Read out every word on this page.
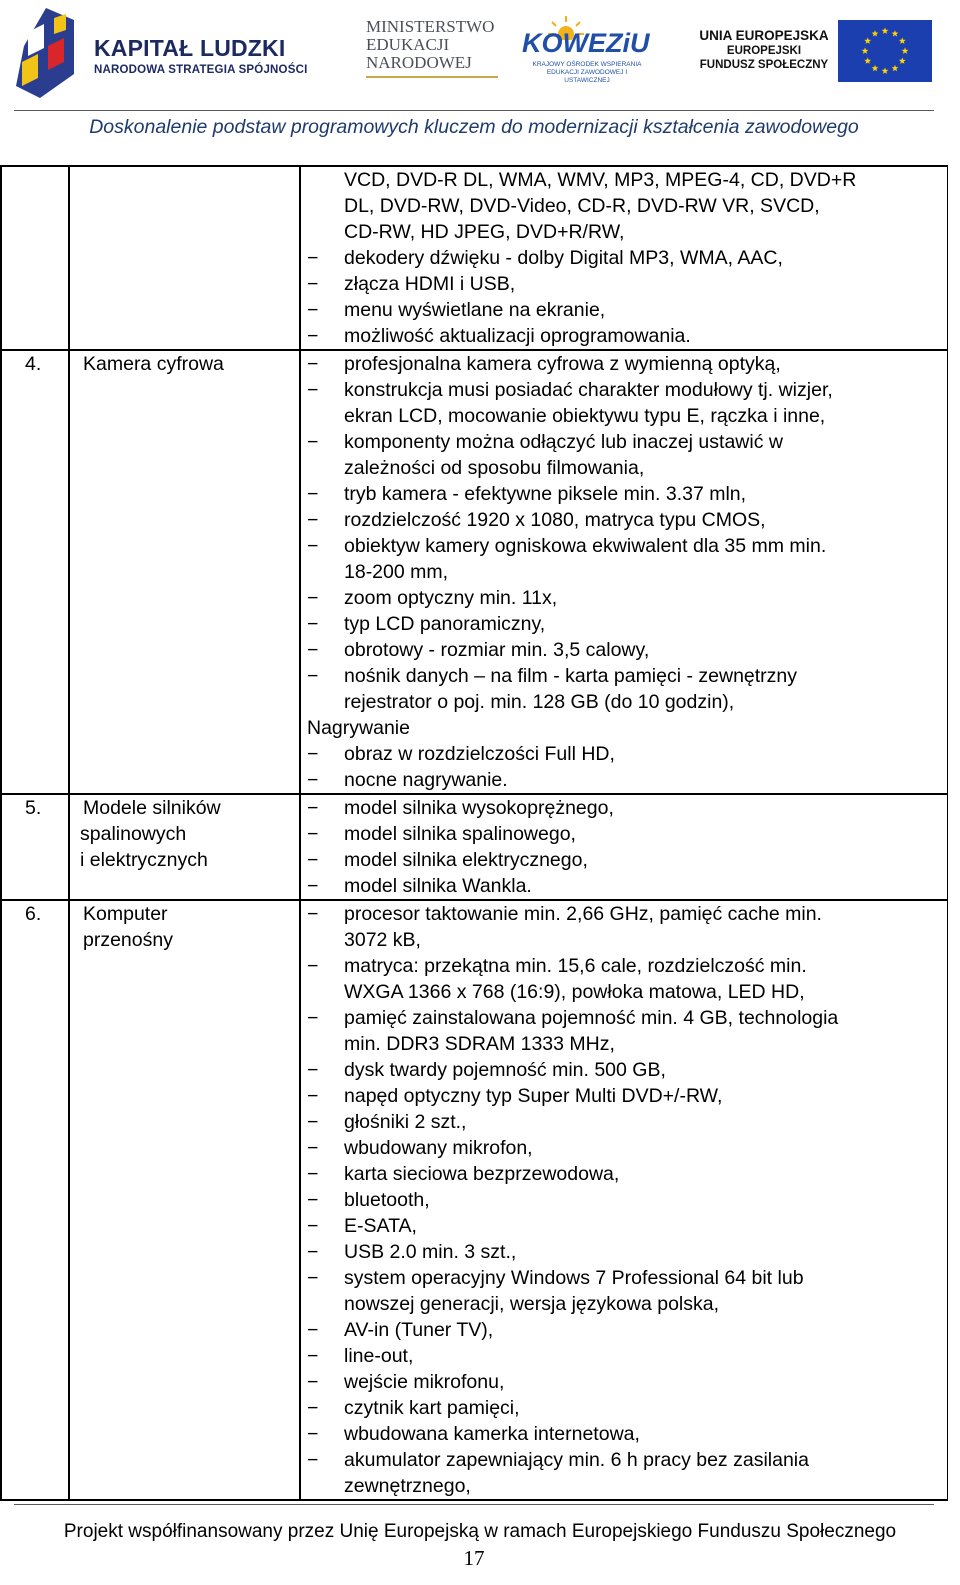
KAPITAŁ LUDZKI
NARODOWA STRATEGIA SPÓJNOŚCI
MINISTERSTWO
EDUKACJI
NARODOWEJ
KOWEZiU
KRAJOWY OŚRODEK WSPIERANIA EDUKACJI ZAWODOWEJ I USTAWICZNEJ
UNIA EUROPEJSKA
EUROPEJSKI
FUNDUSZ SPOŁECZNY
Doskonalenie podstaw programowych kluczem do modernizacji kształcenia zawodowego
VCD, DVD-R DL, WMA, WMV, MP3, MPEG-4, CD, DVD+R
DL, DVD-RW, DVD-Video, CD-R, DVD-RW VR, SVCD,
CD-RW, HD JPEG, DVD+R/RW,
− dekodery dźwięku - dolby Digital MP3, WMA, AAC,
− złącza HDMI i USB,
− menu wyświetlane na ekranie,
− możliwość aktualizacji oprogramowania.
4. Kamera cyfrowa
−	profesjonalna kamera cyfrowa z wymienną optyką,
− konstrukcja musi posiadać charakter modułowy tj. wizjer,
ekran LCD, mocowanie obiektywu typu E, rączka i inne,
− komponenty można odłączyć lub inaczej ustawić w
zależności od sposobu filmowania,
− tryb kamera - efektywne piksele min. 3.37 mln,
− rozdzielczość 1920 x 1080, matryca typu CMOS,
− obiektyw kamery ogniskowa ekwiwalent dla 35 mm min.
18-200 mm,
− zoom optyczny min. 11x,
− typ LCD panoramiczny,
− obrotowy - rozmiar min. 3,5 calowy,
− nośnik danych – na film - karta pamięci - zewnętrzny
rejestrator o poj. min. 128 GB (do 10 godzin),
Nagrywanie
− obraz w rozdzielczości Full HD,
− nocne nagrywanie.
5. Modele silników
spalinowych
i elektrycznych
− model silnika wysokoprężnego,
− model silnika spalinowego,
− model silnika elektrycznego,
− model silnika Wankla.
6. Komputer
przenośny
− procesor taktowanie min. 2,66 GHz, pamięć cache min.
3072 kB,
− matryca: przekątna min. 15,6 cale, rozdzielczość min.
WXGA 1366 x 768 (16:9), powłoka matowa, LED HD,
− pamięć zainstalowana pojemność min. 4 GB, technologia
min. DDR3 SDRAM 1333 MHz,
− dysk twardy pojemność min. 500 GB,
− napęd optyczny typ Super Multi DVD+/-RW,
− głośniki 2 szt.,
− wbudowany mikrofon,
− karta sieciowa bezprzewodowa,
− bluetooth,
− E-SATA,
− USB 2.0 min. 3 szt.,
− system operacyjny Windows 7 Professional 64 bit lub
nowszej generacji, wersja językowa polska,
− AV-in (Tuner TV),
− line-out,
− wejście mikrofonu,
− czytnik kart pamięci,
− wbudowana kamerka internetowa,
− akumulator zapewniający min. 6 h pracy bez zasilania
zewnętrznego,
Projekt współfinansowany przez Unię Europejską w ramach Europejskiego Funduszu Społecznego
17
